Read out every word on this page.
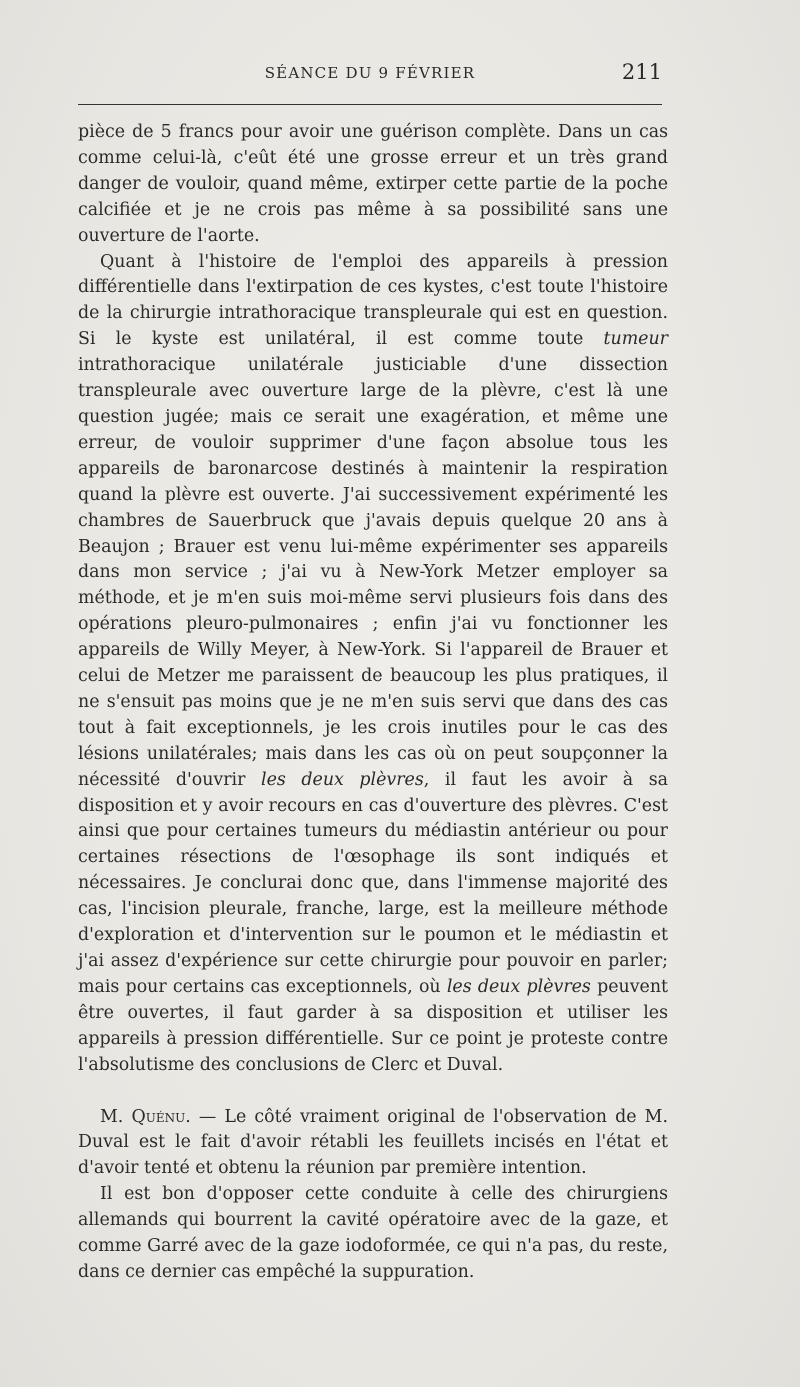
SÉANCE DU 9 FÉVRIER	211

pièce de 5 francs pour avoir une guérison complète. Dans un cas comme celui-là, c'eût été une grosse erreur et un très grand danger de vouloir, quand même, extirper cette partie de la poche calcifiée et je ne crois pas même à sa possibilité sans une ouverture de l'aorte.

Quant à l'histoire de l'emploi des appareils à pression différentielle dans l'extirpation de ces kystes, c'est toute l'histoire de la chirurgie intrathoracique transpleurale qui est en question. Si le kyste est unilatéral, il est comme toute tumeur intrathoracique unilatérale justiciable d'une dissection transpleurale avec ouverture large de la plèvre, c'est là une question jugée; mais ce serait une exagération, et même une erreur, de vouloir supprimer d'une façon absolue tous les appareils de baronarcose destinés à maintenir la respiration quand la plèvre est ouverte. J'ai successivement expérimenté les chambres de Sauerbruck que j'avais depuis quelque 20 ans à Beaujon ; Brauer est venu lui-même expérimenter ses appareils dans mon service ; j'ai vu à New-York Metzer employer sa méthode, et je m'en suis moi-même servi plusieurs fois dans des opérations pleuro-pulmonaires ; enfin j'ai vu fonctionner les appareils de Willy Meyer, à New-York. Si l'appareil de Brauer et celui de Metzer me paraissent de beaucoup les plus pratiques, il ne s'ensuit pas moins que je ne m'en suis servi que dans des cas tout à fait exceptionnels, je les crois inutiles pour le cas des lésions unilatérales; mais dans les cas où on peut soupçonner la nécessité d'ouvrir les deux plèvres, il faut les avoir à sa disposition et y avoir recours en cas d'ouverture des plèvres. C'est ainsi que pour certaines tumeurs du médiastin antérieur ou pour certaines résections de l'œsophage ils sont indiqués et nécessaires. Je conclurai donc que, dans l'immense majorité des cas, l'incision pleurale, franche, large, est la meilleure méthode d'exploration et d'intervention sur le poumon et le médiastin et j'ai assez d'expérience sur cette chirurgie pour pouvoir en parler; mais pour certains cas exceptionnels, où les deux plèvres peuvent être ouvertes, il faut garder à sa disposition et utiliser les appareils à pression différentielle. Sur ce point je proteste contre l'absolutisme des conclusions de Clerc et Duval.

M. Quénu. — Le côté vraiment original de l'observation de M. Duval est le fait d'avoir rétabli les feuillets incisés en l'état et d'avoir tenté et obtenu la réunion par première intention.

Il est bon d'opposer cette conduite à celle des chirurgiens allemands qui bourrent la cavité opératoire avec de la gaze, et comme Garré avec de la gaze iodoformée, ce qui n'a pas, du reste, dans ce dernier cas empêché la suppuration.
